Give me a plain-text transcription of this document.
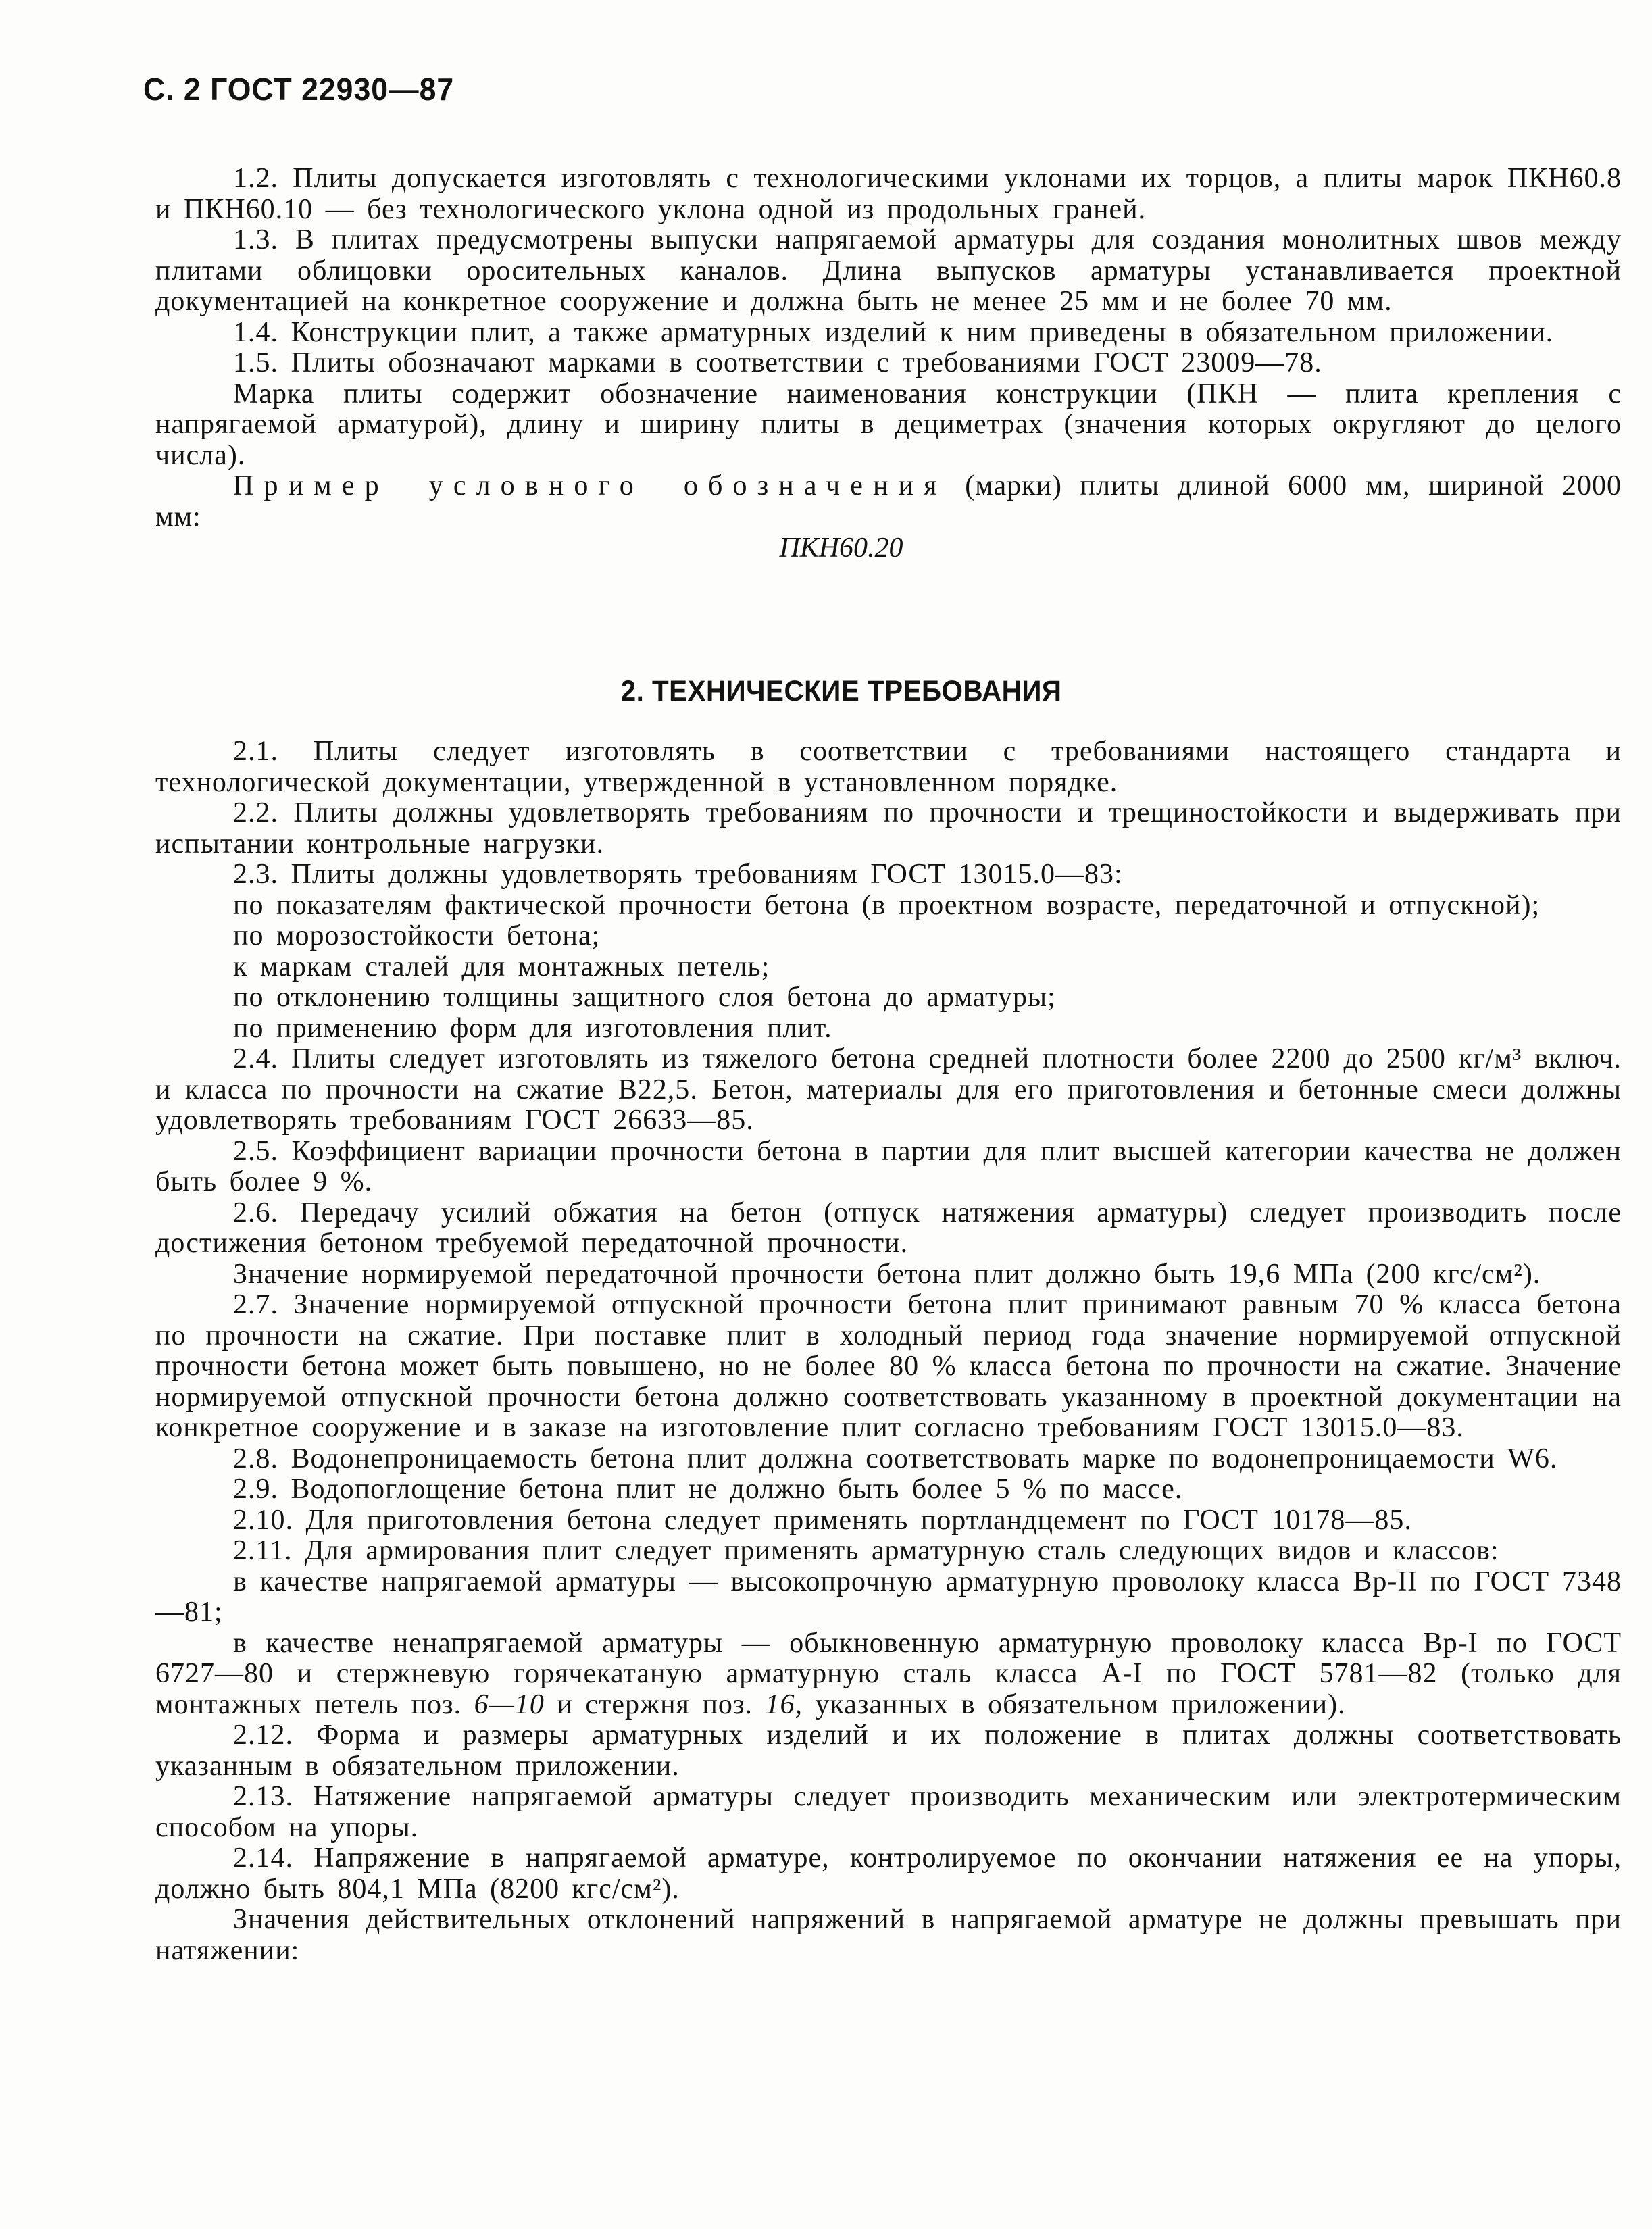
С. 2 ГОСТ 22930—87

1.2. Плиты допускается изготовлять с технологическими уклонами их торцов, а плиты марок ПКН60.8 и ПКН60.10 — без технологического уклона одной из продольных граней.

1.3. В плитах предусмотрены выпуски напрягаемой арматуры для создания монолитных швов между плитами облицовки оросительных каналов. Длина выпусков арматуры устанавливается проектной документацией на конкретное сооружение и должна быть не менее 25 мм и не более 70 мм.

1.4. Конструкции плит, а также арматурных изделий к ним приведены в обязательном приложении.

1.5. Плиты обозначают марками в соответствии с требованиями ГОСТ 23009—78.

Марка плиты содержит обозначение наименования конструкции (ПКН — плита крепления с напрягаемой арматурой), длину и ширину плиты в дециметрах (значения которых округляют до целого числа).

Пример условного обозначения (марки) плиты длиной 6000 мм, шириной 2000 мм:

ПКН60.20

2. ТЕХНИЧЕСКИЕ ТРЕБОВАНИЯ

2.1. Плиты следует изготовлять в соответствии с требованиями настоящего стандарта и технологической документации, утвержденной в установленном порядке.

2.2. Плиты должны удовлетворять требованиям по прочности и трещиностойкости и выдерживать при испытании контрольные нагрузки.

2.3. Плиты должны удовлетворять требованиям ГОСТ 13015.0—83:

по показателям фактической прочности бетона (в проектном возрасте, передаточной и отпускной);

по морозостойкости бетона;

к маркам сталей для монтажных петель;

по отклонению толщины защитного слоя бетона до арматуры;

по применению форм для изготовления плит.

2.4. Плиты следует изготовлять из тяжелого бетона средней плотности более 2200 до 2500 кг/м³ включ. и класса по прочности на сжатие В22,5. Бетон, материалы для его приготовления и бетонные смеси должны удовлетворять требованиям ГОСТ 26633—85.

2.5. Коэффициент вариации прочности бетона в партии для плит высшей категории качества не должен быть более 9 %.

2.6. Передачу усилий обжатия на бетон (отпуск натяжения арматуры) следует производить после достижения бетоном требуемой передаточной прочности.

Значение нормируемой передаточной прочности бетона плит должно быть 19,6 МПа (200 кгс/см²).

2.7. Значение нормируемой отпускной прочности бетона плит принимают равным 70 % класса бетона по прочности на сжатие. При поставке плит в холодный период года значение нормируемой отпускной прочности бетона может быть повышено, но не более 80 % класса бетона по прочности на сжатие. Значение нормируемой отпускной прочности бетона должно соответствовать указанному в проектной документации на конкретное сооружение и в заказе на изготовление плит согласно требованиям ГОСТ 13015.0—83.

2.8. Водонепроницаемость бетона плит должна соответствовать марке по водонепроницаемости W6.

2.9. Водопоглощение бетона плит не должно быть более 5 % по массе.

2.10. Для приготовления бетона следует применять портландцемент по ГОСТ 10178—85.

2.11. Для армирования плит следует применять арматурную сталь следующих видов и классов:

в качестве напрягаемой арматуры — высокопрочную арматурную проволоку класса Вр-II по ГОСТ 7348—81;

в качестве ненапрягаемой арматуры — обыкновенную арматурную проволоку класса Вр-I по ГОСТ 6727—80 и стержневую горячекатаную арматурную сталь класса А-I по ГОСТ 5781—82 (только для монтажных петель поз. 6—10 и стержня поз. 16, указанных в обязательном приложении).

2.12. Форма и размеры арматурных изделий и их положение в плитах должны соответствовать указанным в обязательном приложении.

2.13. Натяжение напрягаемой арматуры следует производить механическим или электротермическим способом на упоры.

2.14. Напряжение в напрягаемой арматуре, контролируемое по окончании натяжения ее на упоры, должно быть 804,1 МПа (8200 кгс/см²).

Значения действительных отклонений напряжений в напрягаемой арматуре не должны превышать при натяжении:
